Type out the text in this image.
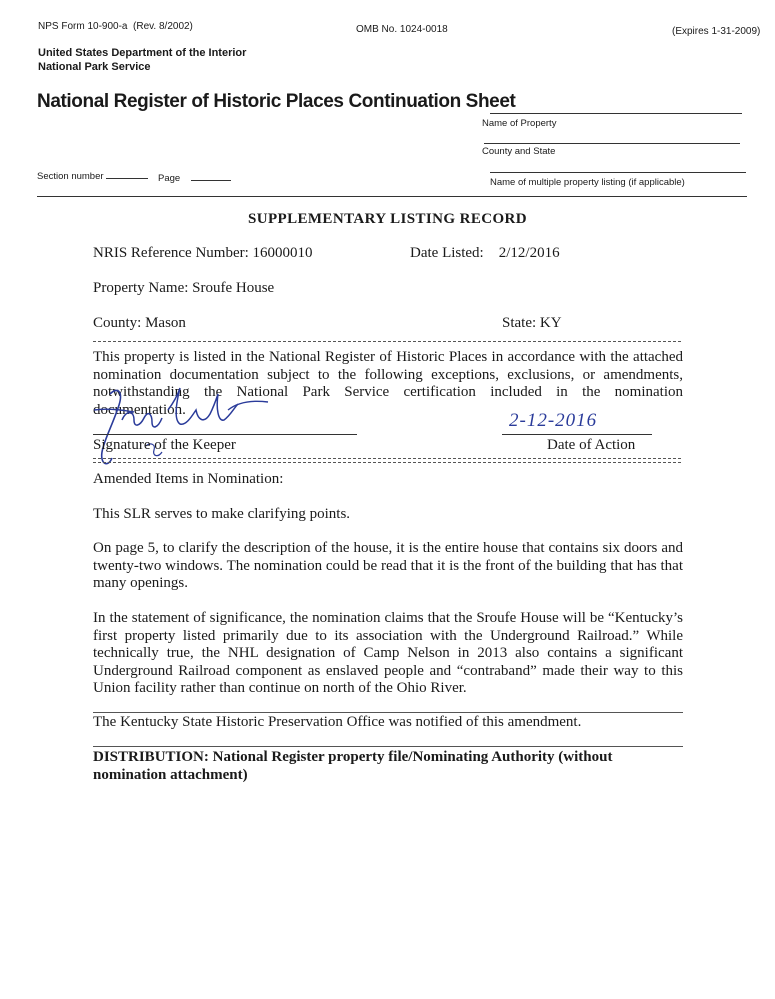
NPS Form 10-900-a (Rev. 8/2002)	OMB No. 1024-0018	(Expires 1-31-2009)
United States Department of the Interior
National Park Service
National Register of Historic Places Continuation Sheet
Name of Property
County and State
Section number	Page	Name of multiple property listing (if applicable)
SUPPLEMENTARY LISTING RECORD
NRIS Reference Number: 16000010	Date Listed: 2/12/2016
Property Name: Sroufe House
County: Mason	State: KY
This property is listed in the National Register of Historic Places in accordance with the attached nomination documentation subject to the following exceptions, exclusions, or amendments, notwithstanding the National Park Service certification included in the nomination documentation.
Signature of the Keeper
2-12-2016
Date of Action
Amended Items in Nomination:
This SLR serves to make clarifying points.
On page 5, to clarify the description of the house, it is the entire house that contains six doors and twenty-two windows. The nomination could be read that it is the front of the building that has that many openings.
In the statement of significance, the nomination claims that the Sroufe House will be “Kentucky’s first property listed primarily due to its association with the Underground Railroad.” While technically true, the NHL designation of Camp Nelson in 2013 also contains a significant Underground Railroad component as enslaved people and “contraband” made their way to this Union facility rather than continue on north of the Ohio River.
The Kentucky State Historic Preservation Office was notified of this amendment.
DISTRIBUTION: National Register property file/Nominating Authority (without nomination attachment)
